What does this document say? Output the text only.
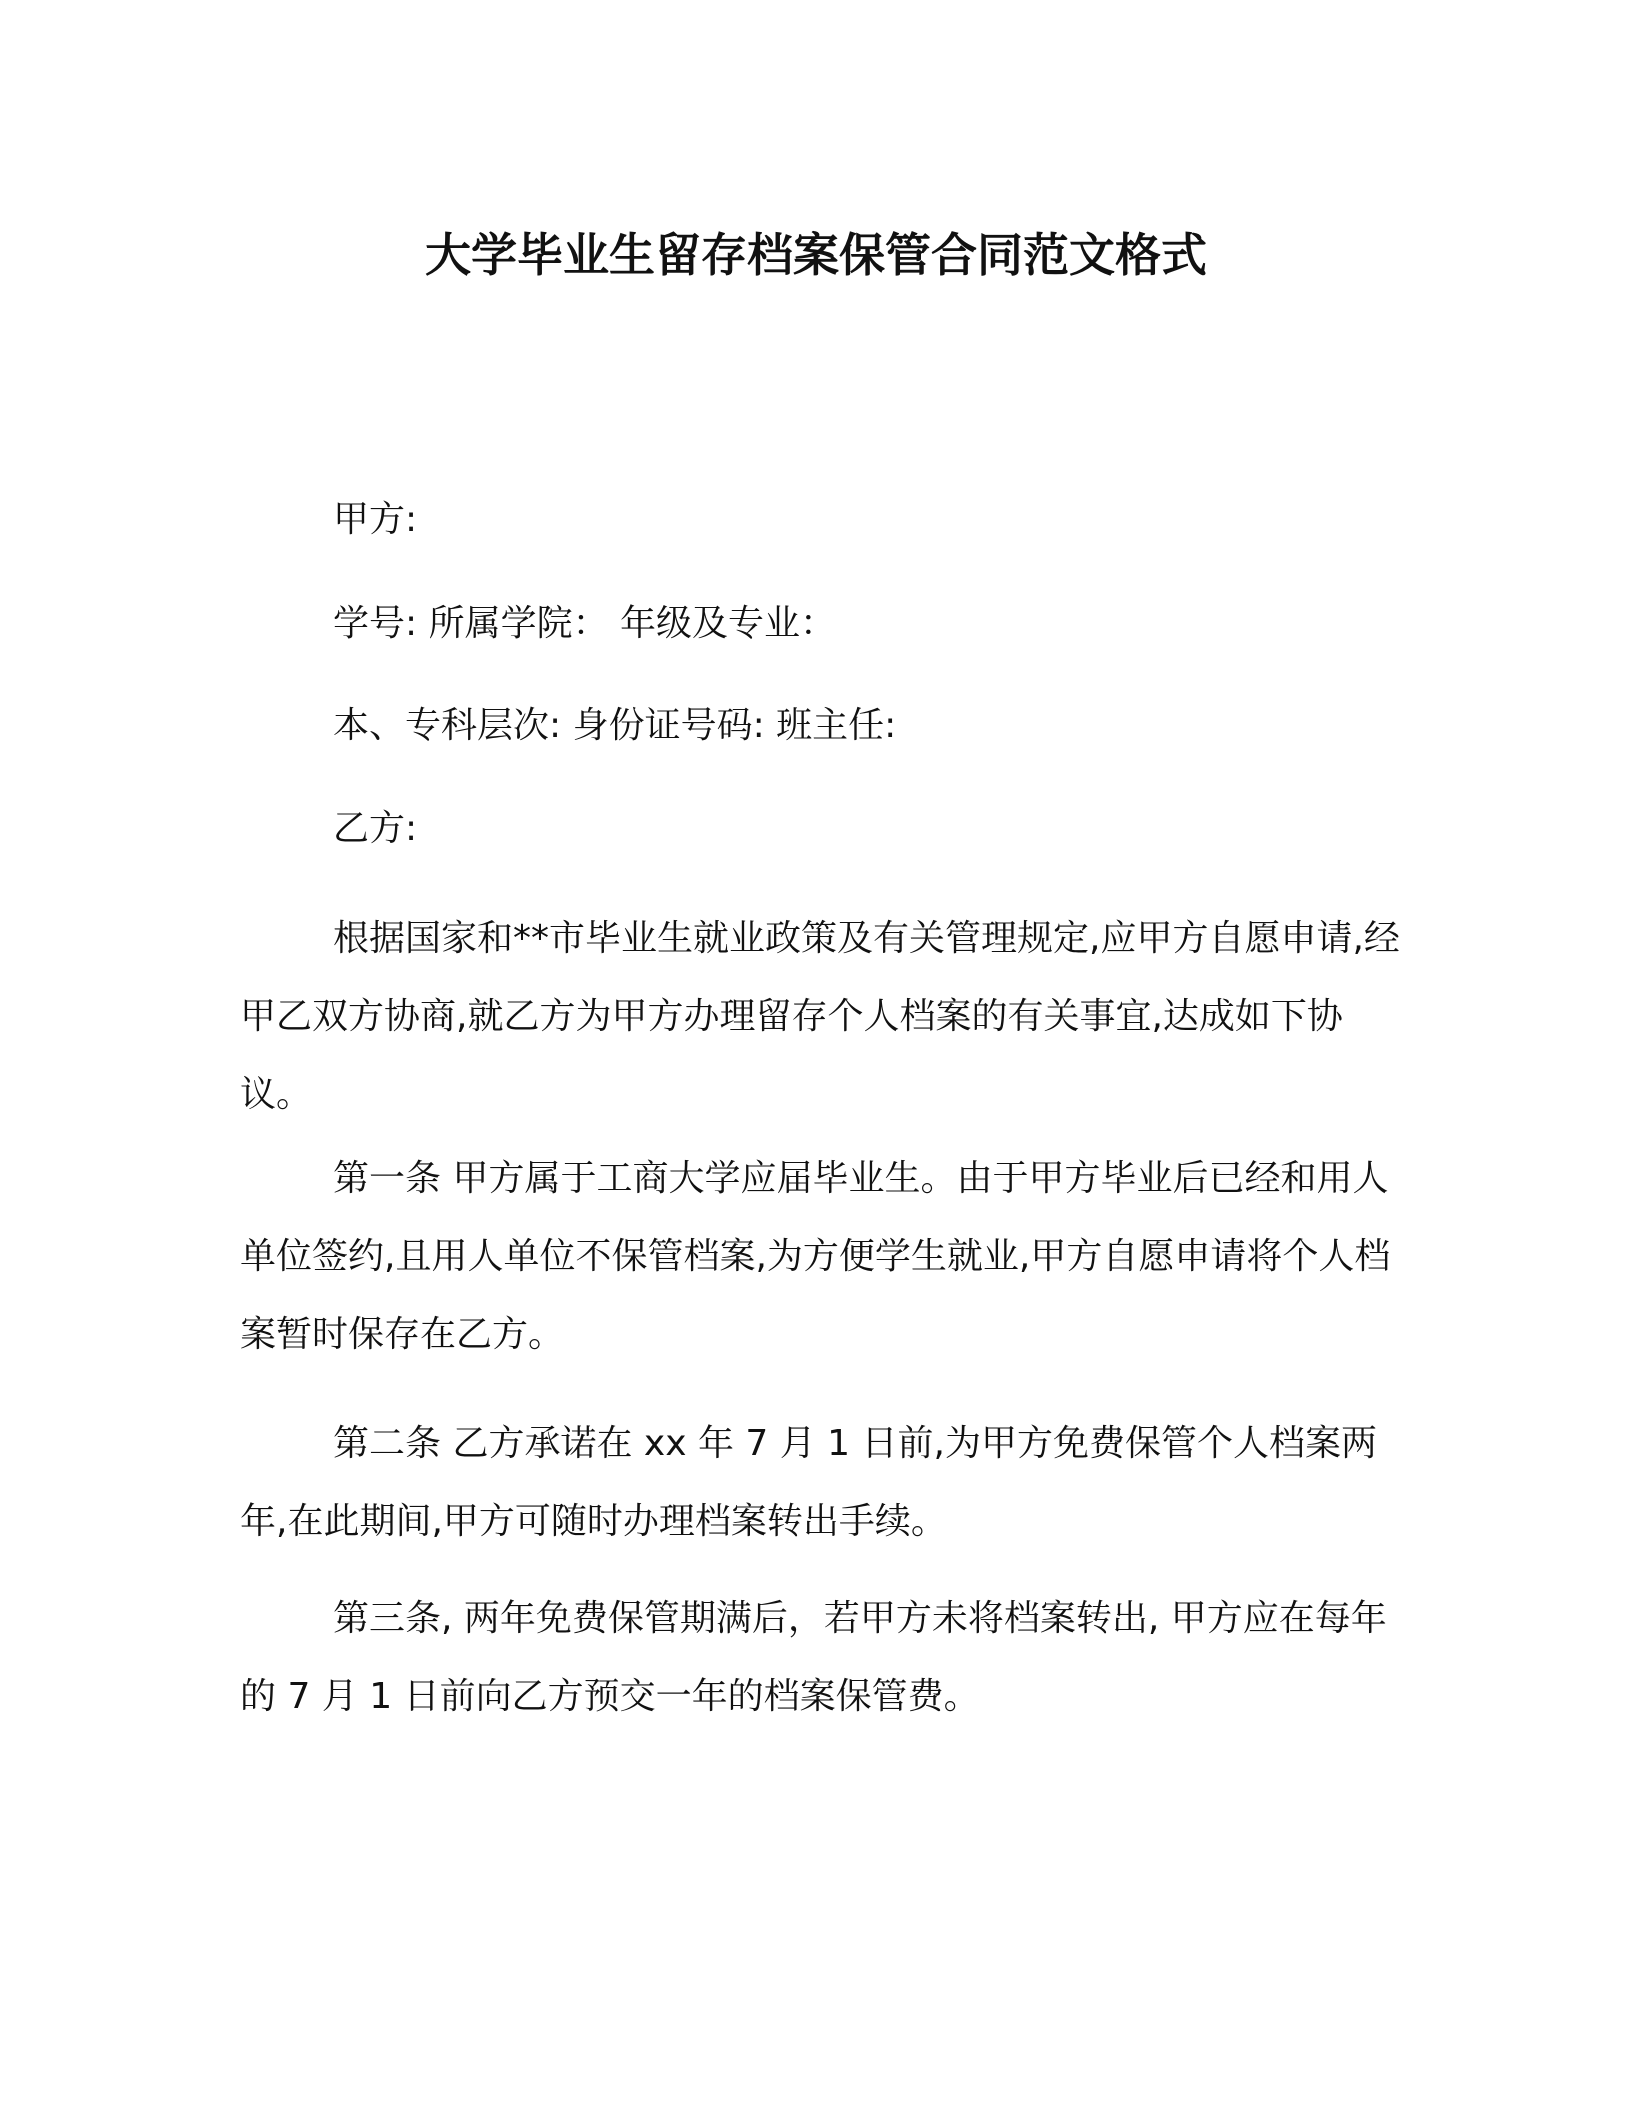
大学毕业生留存档案保管合同范文格式
甲方:
学号: 所属学院： 年级及专业：
本、专科层次: 身份证号码: 班主任:
乙方:
根据国家和**市毕业生就业政策及有关管理规定,应甲方自愿申请,经甲乙双方协商,就乙方为甲方办理留存个人档案的有关事宜,达成如下协议。
第一条 甲方属于工商大学应届毕业生。由于甲方毕业后已经和用人单位签约,且用人单位不保管档案,为方便学生就业,甲方自愿申请将个人档案暂时保存在乙方。
第二条 乙方承诺在 xx 年 7 月 1 日前,为甲方免费保管个人档案两年,在此期间,甲方可随时办理档案转出手续。
第三条, 两年免费保管期满后，若甲方未将档案转出, 甲方应在每年的 7 月 1 日前向乙方预交一年的档案保管费。
